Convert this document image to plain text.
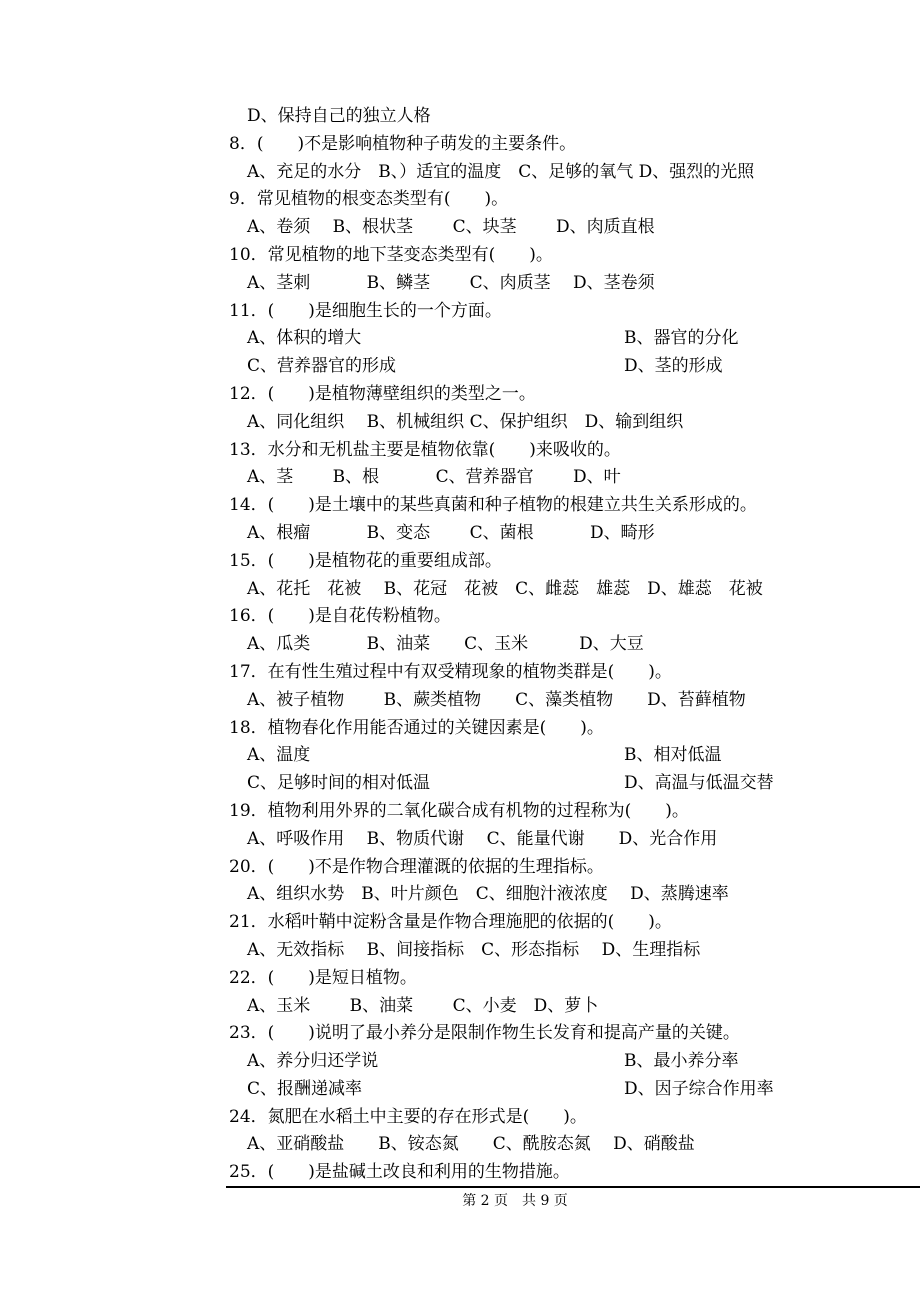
D、保持自己的独立人格
8．(　　)不是影响植物种子萌发的主要条件。
A、充足的水分　B、）适宜的温度　C、足够的氧气 D、强烈的光照
9．常见植物的根变态类型有(　　)。
A、卷须　 B、根状茎　　 C、块茎　　 D、肉质直根
10．常见植物的地下茎变态类型有(　　)。
A、茎刺　　　 B、鳞茎　　 C、肉质茎　 D、茎卷须
11．(　　)是细胞生长的一个方面。
A、体积的增大	B、器官的分化
C、营养器官的形成	D、茎的形成
12．(　　)是植物薄壁组织的类型之一。
A、同化组织　 B、机械组织 C、保护组织　D、输到组织
13．水分和无机盐主要是植物依靠(　　)来吸收的。
A、茎　　 B、根　　　 C、营养器官　　 D、叶
14．(　　)是土壤中的某些真菌和种子植物的根建立共生关系形成的。
A、根瘤　　　 B、变态　　 C、菌根　　　 D、畸形
15．(　　)是植物花的重要组成部。
A、花托　花被　 B、花冠　花被　C、雌蕊　雄蕊　D、雄蕊　花被
16．(　　)是自花传粉植物。
A、瓜类　　　 B、油菜　　C、玉米　　　D、大豆
17．在有性生殖过程中有双受精现象的植物类群是(　　)。
A、被子植物　　 B、蕨类植物　　C、藻类植物　　D、苔藓植物
18．植物春化作用能否通过的关键因素是(　　)。
A、温度	B、相对低温
C、足够时间的相对低温	D、高温与低温交替
19．植物利用外界的二氧化碳合成有机物的过程称为(　　)。
A、呼吸作用　 B、物质代谢　 C、能量代谢　　D、光合作用
20．(　　)不是作物合理灌溉的依据的生理指标。
A、组织水势　B、叶片颜色　C、细胞汁液浓度　 D、蒸腾速率
21．水稻叶鞘中淀粉含量是作物合理施肥的依据的(　　)。
A、无效指标　 B、间接指标　C、形态指标　 D、生理指标
22．(　　)是短日植物。
A、玉米　　 B、油菜　　 C、小麦　D、萝卜
23．(　　)说明了最小养分是限制作物生长发育和提高产量的关键。
A、养分归还学说	B、最小养分率
C、报酬递减率	D、因子综合作用率
24．氮肥在水稻土中主要的存在形式是(　　)。
A、亚硝酸盐　　B、铵态氮　　C、酰胺态氮　 D、硝酸盐
25．(　　)是盐碱土改良和利用的生物措施。
第 2 页　共 9 页
